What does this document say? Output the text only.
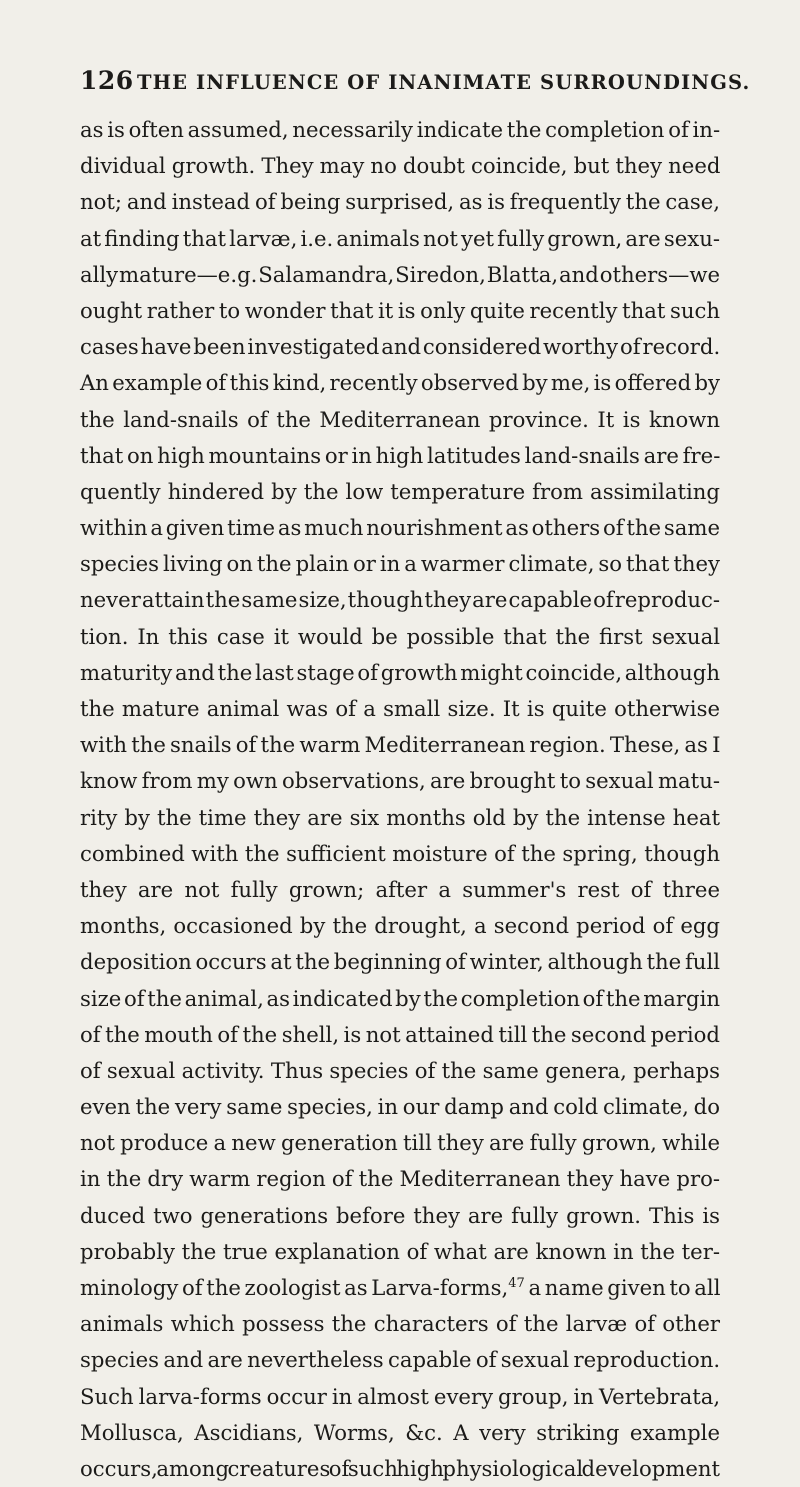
126 THE INFLUENCE OF INANIMATE SURROUNDINGS.
as is often assumed, necessarily indicate the completion of in-
dividual growth. They may no doubt coincide, but they need
not; and instead of being surprised, as is frequently the case,
at finding that larvæ, i.e. animals not yet fully grown, are sexu-
ally mature—e.g. Salamandra, Siredon, Blatta, and others—we
ought rather to wonder that it is only quite recently that such
cases have been investigated and considered worthy of record.
An example of this kind, recently observed by me, is offered by
the land-snails of the Mediterranean province. It is known
that on high mountains or in high latitudes land-snails are fre-
quently hindered by the low temperature from assimilating
within a given time as much nourishment as others of the same
species living on the plain or in a warmer climate, so that they
never attain the same size, though they are capable of reproduc-
tion. In this case it would be possible that the first sexual
maturity and the last stage of growth might coincide, although
the mature animal was of a small size. It is quite otherwise
with the snails of the warm Mediterranean region. These, as I
know from my own observations, are brought to sexual matu-
rity by the time they are six months old by the intense heat
combined with the sufficient moisture of the spring, though
they are not fully grown; after a summer's rest of three
months, occasioned by the drought, a second period of egg
deposition occurs at the beginning of winter, although the full
size of the animal, as indicated by the completion of the margin
of the mouth of the shell, is not attained till the second period
of sexual activity. Thus species of the same genera, perhaps
even the very same species, in our damp and cold climate, do
not produce a new generation till they are fully grown, while
in the dry warm region of the Mediterranean they have pro-
duced two generations before they are fully grown. This is
probably the true explanation of what are known in the ter-
minology of the zoologist as Larva-forms,$^{47}$ a name given to all
animals which possess the characters of the larvæ of other
species and are nevertheless capable of sexual reproduction.
Such larva-forms occur in almost every group, in Vertebrata,
Mollusca, Ascidians, Worms, &c. A very striking example
occurs, among creatures of such high physiological development
